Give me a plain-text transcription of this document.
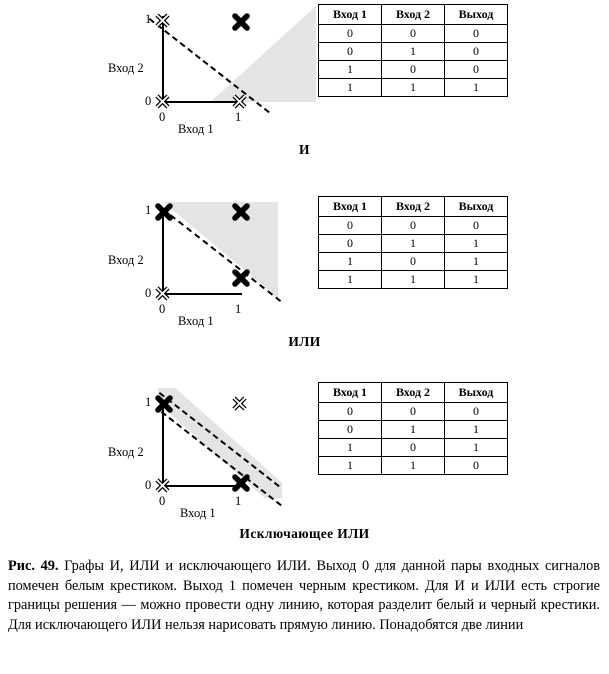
1
0
0	1
Вход 2
Вход 1
Вход 1	Вход 2	Выход
0	0	0
0	1	0
1	0	0
1	1	1
И
1
0
0	1
Вход 2
Вход 1
Вход 1	Вход 2	Выход
0	0	0
0	1	1
1	0	1
1	1	1
ИЛИ
1
0
0	1
Вход 2
Вход 1
Вход 1	Вход 2	Выход
0	0	0
0	1	1
1	0	1
1	1	0
Исключающее ИЛИ
Рис. 49. Графы И, ИЛИ и исключающего ИЛИ. Выход 0 для данной пары входных сигналов помечен белым крестиком. Выход 1 помечен черным крестиком. Для И и ИЛИ есть строгие границы решения — можно провести одну линию, которая разделит белый и черный крестики. Для исключающего ИЛИ нельзя нарисовать прямую линию. Понадобятся две линии
